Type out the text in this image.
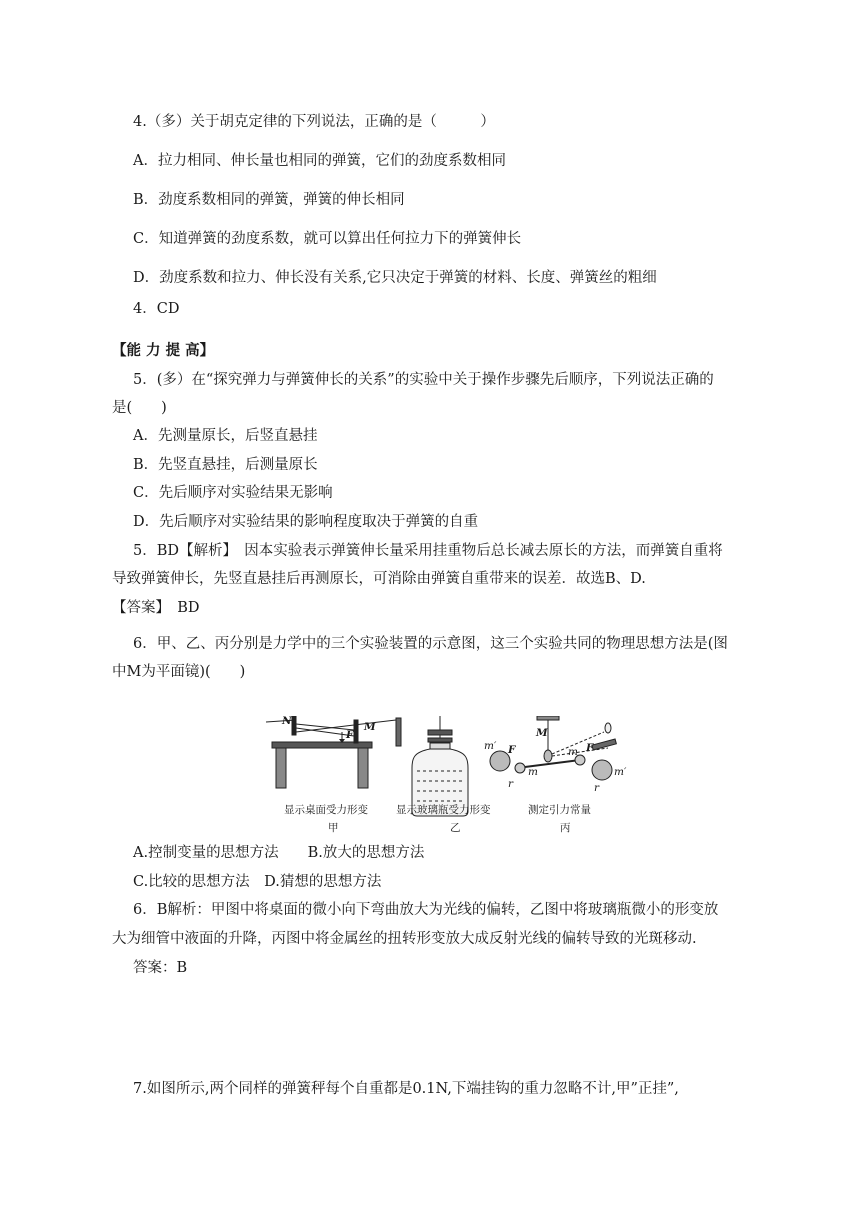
4.（多）关于胡克定律的下列说法，正确的是（　　　）
A．拉力相同、伸长量也相同的弹簧，它们的劲度系数相同
B．劲度系数相同的弹簧，弹簧的伸长相同
C．知道弹簧的劲度系数，就可以算出任何拉力下的弹簧伸长
D．劲度系数和拉力、伸长没有关系,它只决定于弹簧的材料、长度、弹簧丝的粗细
4．CD
【能 力 提 高】
5．(多）在“探究弹力与弹簧伸长的关系”的实验中关于操作步骤先后顺序，下列说法正确的
是(　　)
A．先测量原长，后竖直悬挂
B．先竖直悬挂，后测量原长
C．先后顺序对实验结果无影响
D．先后顺序对实验结果的影响程度取决于弹簧的自重
5．BD【解析】　因本实验表示弹簧伸长量采用挂重物后总长减去原长的方法，而弹簧自重将
导致弹簧伸长，先竖直悬挂后再测原长，可消除由弹簧自重带来的误差．故选B、D.
【答案】　BD
6．甲、乙、丙分别是力学中的三个实验装置的示意图，这三个实验共同的物理思想方法是(图
中M为平面镜)(　　)
N	M
F	M
m′
m′
F	F
m
m
r	r
显示桌面受力形变
甲
显示玻璃瓶受力形变
乙
测定引力常量
丙
A.控制变量的思想方法　　B.放大的思想方法
C.比较的思想方法　D.猜想的思想方法
6．B解析：甲图中将桌面的微小向下弯曲放大为光线的偏转，乙图中将玻璃瓶微小的形变放
大为细管中液面的升降，丙图中将金属丝的扭转形变放大成反射光线的偏转导致的光斑移动.
答案：B
7.如图所示,两个同样的弹簧秤每个自重都是0.1N,下端挂钩的重力忽略不计,甲”正挂”,
